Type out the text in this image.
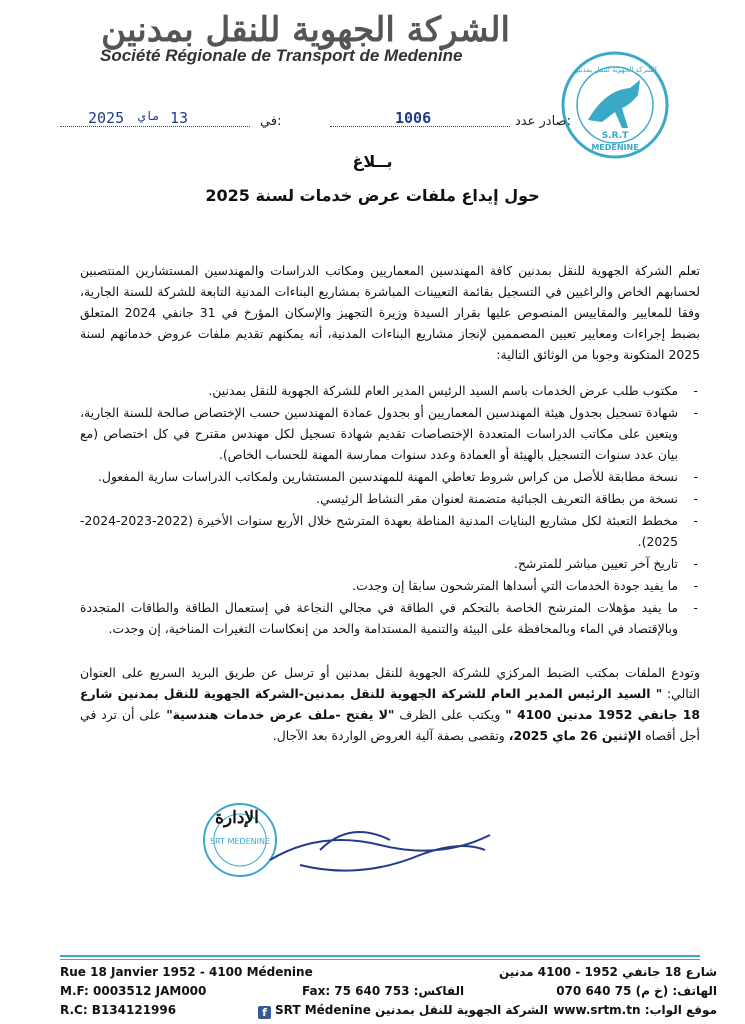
الشركة الجهوية للنقل بمدنين
Société Régionale de Transport de Medenine
الشركة الجهوية للنقل بمدنين
S.R.T
MEDENINE
صادر عدد:
1006
في:
2025 ماي 13
بــلاغ
حول إيداع ملفات عرض خدمات لسنة 2025
تعلم الشركة الجهوية للنقل بمدنين كافة المهندسين المعماريين ومكاتب الدراسات والمهندسين المستشارين المنتصبين لحسابهم الخاص والراغبين في التسجيل بقائمة التعيينات المباشرة بمشاريع البناءات المدنية التابعة للشركة للسنة الجارية، وفقا للمعايير والمقاييس المنصوص عليها بقرار السيدة وزيرة التجهيز والإسكان المؤرخ في 31 جانفي 2024 المتعلق بضبط إجراءات ومعايير تعيين المصممين لإنجاز مشاريع البناءات المدنية، أنه يمكنهم تقديم ملفات عروض خدماتهم لسنة 2025 المتكونة وجوبا من الوثائق التالية:
-
مكتوب طلب عرض الخدمات باسم السيد الرئيس المدير العام للشركة الجهوية للنقل بمدنين.
-
شهادة تسجيل بجدول هيئة المهندسين المعماريين أو بجدول عمادة المهندسين حسب الإختصاص صالحة للسنة الجارية، ويتعين على مكاتب الدراسات المتعددة الإختصاصات تقديم شهادة تسجيل لكل مهندس مقترح في كل اختصاص (مع بيان عدد سنوات التسجيل بالهيئة أو العمادة وعدد سنوات ممارسة المهنة للحساب الخاص).
-
نسخة مطابقة للأصل من كراس شروط تعاطي المهنة للمهندسين المستشارين ولمكاتب الدراسات سارية المفعول.
-
نسخة من بطاقة التعريف الجبائية متضمنة لعنوان مقر النشاط الرئيسي.
-
مخطط التعبئة لكل مشاريع البنايات المدنية المناطة بعهدة المترشح خلال الأربع سنوات الأخيرة (2022-2023-2024-2025).
-
تاريخ آخر تعيين مباشر للمترشح.
-
ما يفيد جودة الخدمات التي أسداها المترشحون سابقا إن وجدت.
-
ما يفيد مؤهلات المترشح الخاصة بالتحكم في الطاقة في مجالي النجاعة في إستعمال الطاقة والطاقات المتجددة وبالإقتصاد في الماء وبالمحافظة على البيئة والتنمية المستدامة والحد من إنعكاسات التغيرات المناخية، إن وجدت.
وتودع الملفات بمكتب الضبط المركزي للشركة الجهوية للنقل بمدنين أو ترسل عن طريق البريد السريع على العنوان التالي: " السيد الرئيس المدير العام للشركة الجهوية للنقل بمدنين-الشركة الجهوية للنقل بمدنين شارع 18 جانفي 1952 مدنين 4100 " ويكتب على الظرف "لا يفتح -ملف عرض خدمات هندسية" على أن ترد في أجل أقصاه الإثنين 26 ماي 2025، وتقصى بصفة آلية العروض الواردة بعد الآجال.
SRT MEDENINE
الإدارة
Rue 18 Janvier 1952 - 4100 Médenine
M.F: 0003512 JAM000
R.C: B134121996
Fax: 75 640 753 :الفاكس
f SRT Médenine الشركة الجهوية للنقل بمدنين
شارع 18 جانفي 1952 - 4100 مدنين
الهاتف: (خ م) 75 640 070
موقع الواب: www.srtm.tn
